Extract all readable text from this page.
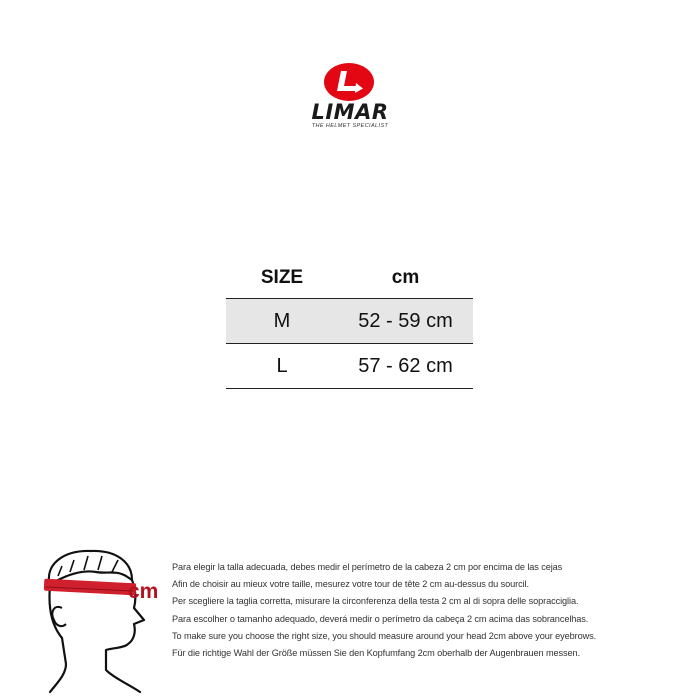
LIMAR
THE HELMET SPECIALIST
SIZE	cm
M	52 - 59 cm
L	57 - 62 cm
cm

Para elegir la talla adecuada, debes medir el perímetro de la cabeza 2 cm por encima de las cejas

Afin de choisir au mieux votre taille, mesurez votre tour de tête 2 cm au-dessus du sourcil.

Per scegliere la taglia corretta, misurare la circonferenza della testa 2 cm al di sopra delle sopracciglia.

Para escolher o tamanho adequado, deverá medir o perímetro da cabeça 2 cm acima das sobrancelhas.

To make sure you choose the right size, you should measure around your head 2cm above your eyebrows.

Für die richtige Wahl der Größe müssen Sie den Kopfumfang 2cm oberhalb der Augenbrauen messen.
